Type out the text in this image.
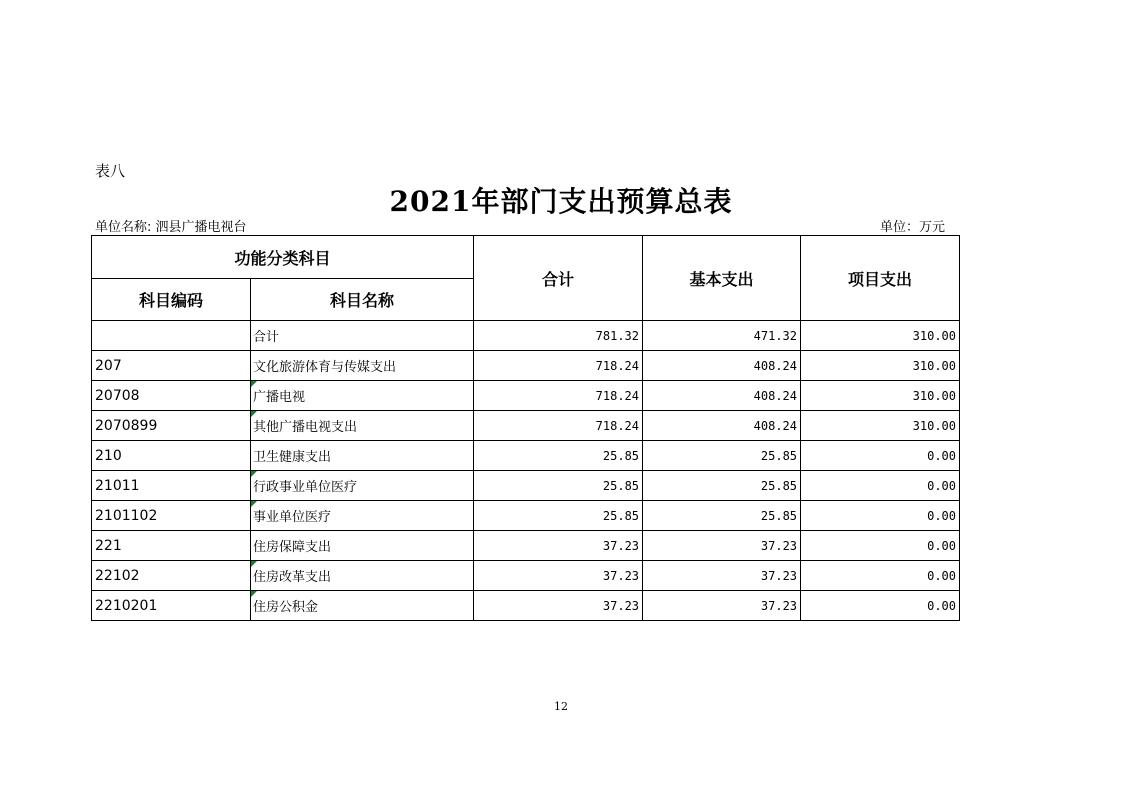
表八
2021年部门支出预算总表
单位名称: 泗县广播电视台	单位：万元
功能分类科目		合计	基本支出	项目支出
科目编码	科目名称			
	合计	781.32	471.32	310.00
207	文化旅游体育与传媒支出	718.24	408.24	310.00
20708	广播电视	718.24	408.24	310.00
2070899	其他广播电视支出	718.24	408.24	310.00
210	卫生健康支出	25.85	25.85	0.00
21011	行政事业单位医疗	25.85	25.85	0.00
2101102	事业单位医疗	25.85	25.85	0.00
221	住房保障支出	37.23	37.23	0.00
22102	住房改革支出	37.23	37.23	0.00
2210201	住房公积金	37.23	37.23	0.00
12
